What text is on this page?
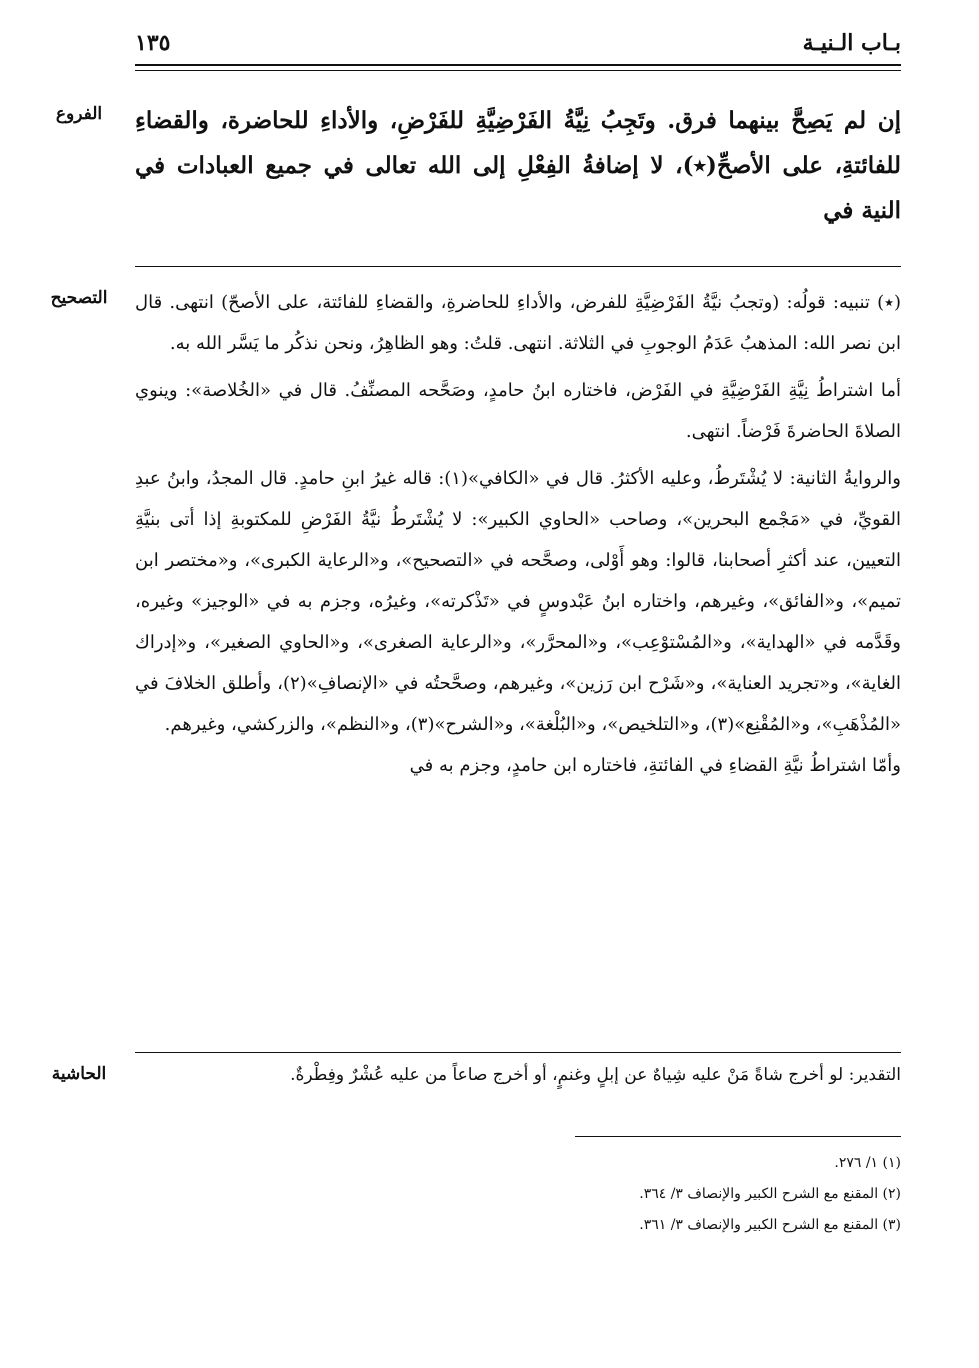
بـاب الـنيـة
١٣٥
الفروع	إن لم يَصِحَّ بينهما فرق. وتَجِبُ نِيَّةُ الفَرْضِيَّةِ للفَرْضِ، والأداءِ للحاضرة، والقضاءِ للفائتةِ، على الأصحِّ(٭)، لا إضافةُ الفِعْلِ إلى الله تعالى في جميع العبادات في النية في

التصحيح	(٭) تنبيه: قولُه: (وتجبُ نيَّةُ الفَرْضِيَّةِ للفرض، والأداءِ للحاضرةِ، والقضاءِ للفائتة، على الأصحّ) انتهى. قال ابن نصر الله: المذهبُ عَدَمُ الوجوبِ في الثلاثة. انتهى. قلتُ: وهو الظاهِرُ، ونحن نذكُر ما يَسَّر الله به.

أما اشتراطُ نِيَّةِ الفَرْضِيَّةِ في الفَرْض، فاختاره ابنُ حامدٍ، وصَحَّحه المصنِّفُ. قال في «الخُلاصة»: وينوي الصلاةَ الحاضرةَ فَرْضاً. انتهى.

والروايةُ الثانية: لا يُشْتَرطُ، وعليه الأكثرُ. قال في «الكافي»(١): قاله غيرُ ابنِ حامدٍ. قال المجدُ، وابنُ عبدِ القويِّ، في «مَجْمع البحرين»، وصاحب «الحاوي الكبير»: لا يُشْتَرطُ نيَّةُ الفَرْضِ للمكتوبةِ إذا أتى بنيَّةِ التعيين، عند أكثرِ أصحابنا، قالوا: وهو أَوْلى، وصحَّحه في «التصحيح»، و«الرعاية الكبرى»، و«مختصر ابن تميم»، و«الفائق»، وغيرهم، واختاره ابنُ عَبْدوسٍ في «تَذْكرته»، وغيرُه، وجزم به في «الوجيز» وغيره، وقَدَّمه في «الهداية»، و«المُسْتوْعِب»، و«المحرَّر»، و«الرعاية الصغرى»، و«الحاوي الصغير»، و«إدراك الغاية»، و«تجريد العناية»، و«شَرْح ابن رَزين»، وغيرهم، وصحَّحتُه في «الإنصافِ»(٢)، وأطلق الخلافَ في «المُذْهَبِ»، و«المُقْنِع»(٣)، و«التلخيص»، و«البُلْغة»، و«الشرح»(٣)، و«النظم»، والزركشي، وغيرهم.

وأمّا اشتراطُ نيَّةِ القضاءِ في الفائتةِ، فاختاره ابن حامدٍ، وجزم به في

الحاشية	التقدير: لو أخرج شاةً مَنْ عليه شِياهٌ عن إبلٍ وغنمٍ، أو أخرج صاعاً من عليه عُشْرٌ وفِطْرةٌ.

(١) ١/ ٢٧٦.
(٢) المقنع مع الشرح الكبير والإنصاف ٣/ ٣٦٤.
(٣) المقنع مع الشرح الكبير والإنصاف ٣/ ٣٦١.
